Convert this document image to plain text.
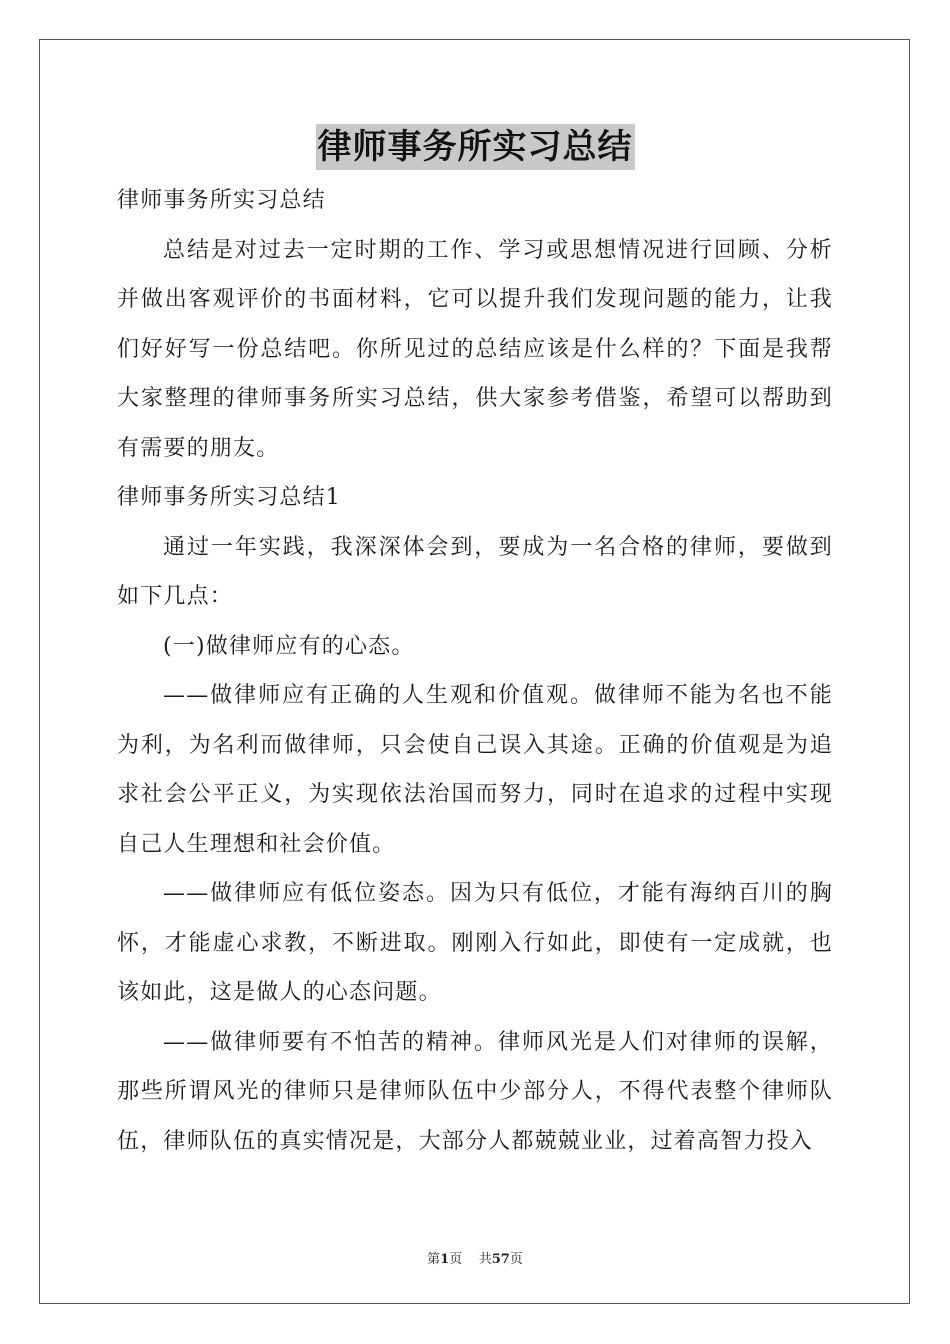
律师事务所实习总结

律师事务所实习总结

总结是对过去一定时期的工作、学习或思想情况进行回顾、分析并做出客观评价的书面材料，它可以提升我们发现问题的能力，让我们好好写一份总结吧。你所见过的总结应该是什么样的？下面是我帮大家整理的律师事务所实习总结，供大家参考借鉴，希望可以帮助到有需要的朋友。

律师事务所实习总结1

通过一年实践，我深深体会到，要成为一名合格的律师，要做到如下几点：

(一)做律师应有的心态。

——做律师应有正确的人生观和价值观。做律师不能为名也不能为利，为名利而做律师，只会使自己误入其途。正确的价值观是为追求社会公平正义，为实现依法治国而努力，同时在追求的过程中实现自己人生理想和社会价值。

——做律师应有低位姿态。因为只有低位，才能有海纳百川的胸怀，才能虚心求教，不断进取。刚刚入行如此，即使有一定成就，也该如此，这是做人的心态问题。

——做律师要有不怕苦的精神。律师风光是人们对律师的误解，那些所谓风光的律师只是律师队伍中少部分人，不得代表整个律师队伍，律师队伍的真实情况是，大部分人都兢兢业业，过着高智力投入

第1页 共57页
